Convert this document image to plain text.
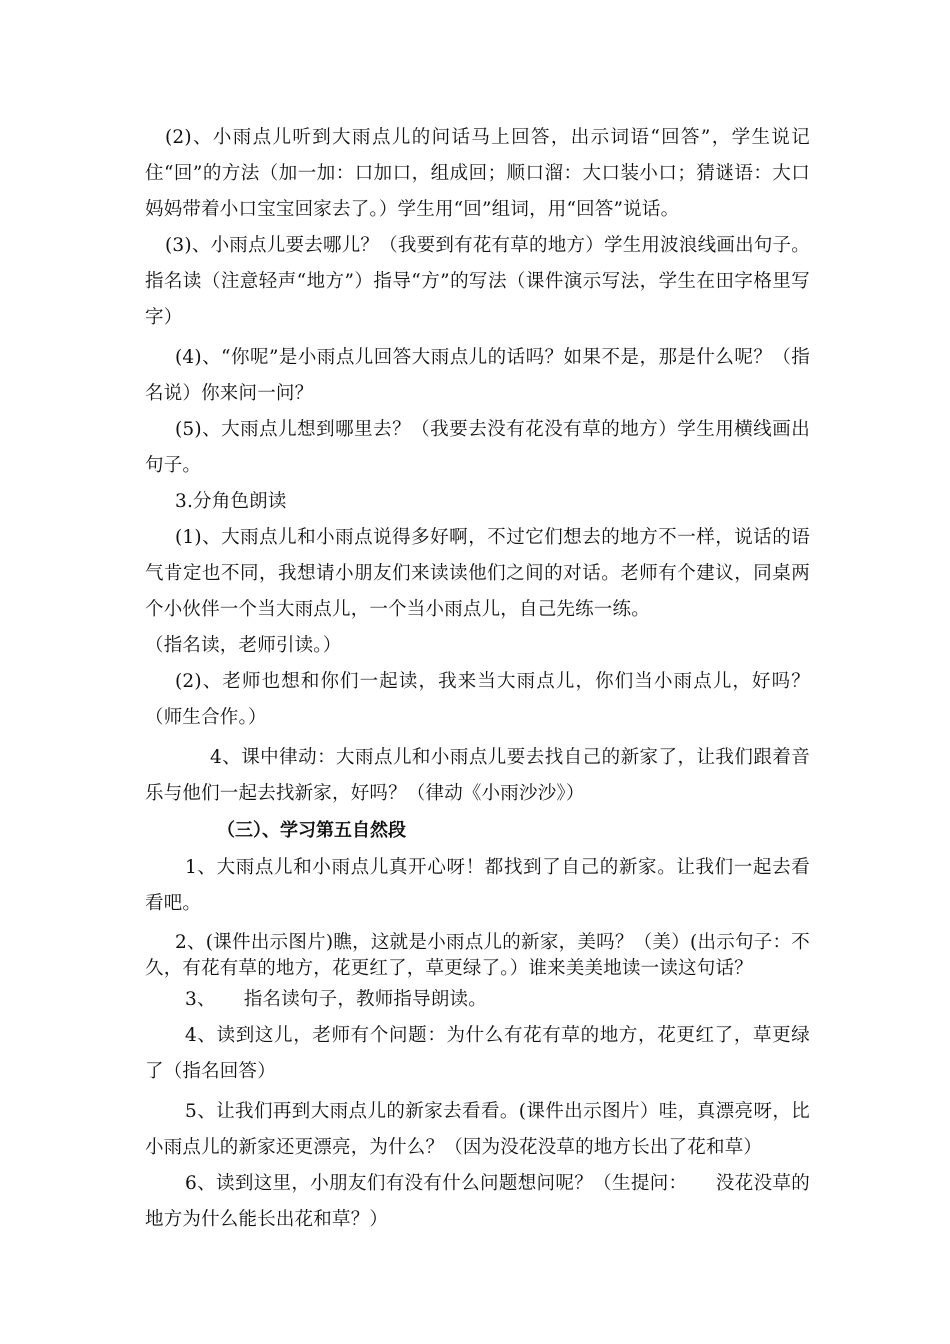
(2)、小雨点儿听到大雨点儿的问话马上回答，出示词语“回答”，学生说记住“回”的方法（加一加：口加口，组成回；顺口溜：大口装小口；猜谜语：大口妈妈带着小口宝宝回家去了。）学生用“回”组词，用“回答”说话。

(3)、小雨点儿要去哪儿？（我要到有花有草的地方）学生用波浪线画出句子。指名读（注意轻声“地方”）指导“方”的写法（课件演示写法，学生在田字格里写字）

(4)、“你呢”是小雨点儿回答大雨点儿的话吗？如果不是，那是什么呢？（指名说）你来问一问？

(5)、大雨点儿想到哪里去？（我要去没有花没有草的地方）学生用横线画出句子。

3.分角色朗读

(1)、大雨点儿和小雨点说得多好啊，不过它们想去的地方不一样，说话的语气肯定也不同，我想请小朋友们来读读他们之间的对话。老师有个建议，同桌两个小伙伴一个当大雨点儿，一个当小雨点儿，自己先练一练。

（指名读，老师引读。）

(2)、老师也想和你们一起读，我来当大雨点儿，你们当小雨点儿，好吗？（师生合作。）

4、课中律动：大雨点儿和小雨点儿要去找自己的新家了，让我们跟着音乐与他们一起去找新家，好吗？（律动《小雨沙沙》）

（三）、学习第五自然段

1、大雨点儿和小雨点儿真开心呀！都找到了自己的新家。让我们一起去看看吧。

2、(课件出示图片)瞧，这就是小雨点儿的新家，美吗？（美）(出示句子：不久，有花有草的地方，花更红了，草更绿了。）谁来美美地读一读这句话？

3、　　指名读句子，教师指导朗读。

4、读到这儿，老师有个问题：为什么有花有草的地方，花更红了，草更绿了（指名回答）

5、让我们再到大雨点儿的新家去看看。(课件出示图片）哇，真漂亮呀，比小雨点儿的新家还更漂亮，为什么？（因为没花没草的地方长出了花和草）

6、读到这里，小朋友们有没有什么问题想问呢？（生提问：　　没花没草的地方为什么能长出花和草？）
